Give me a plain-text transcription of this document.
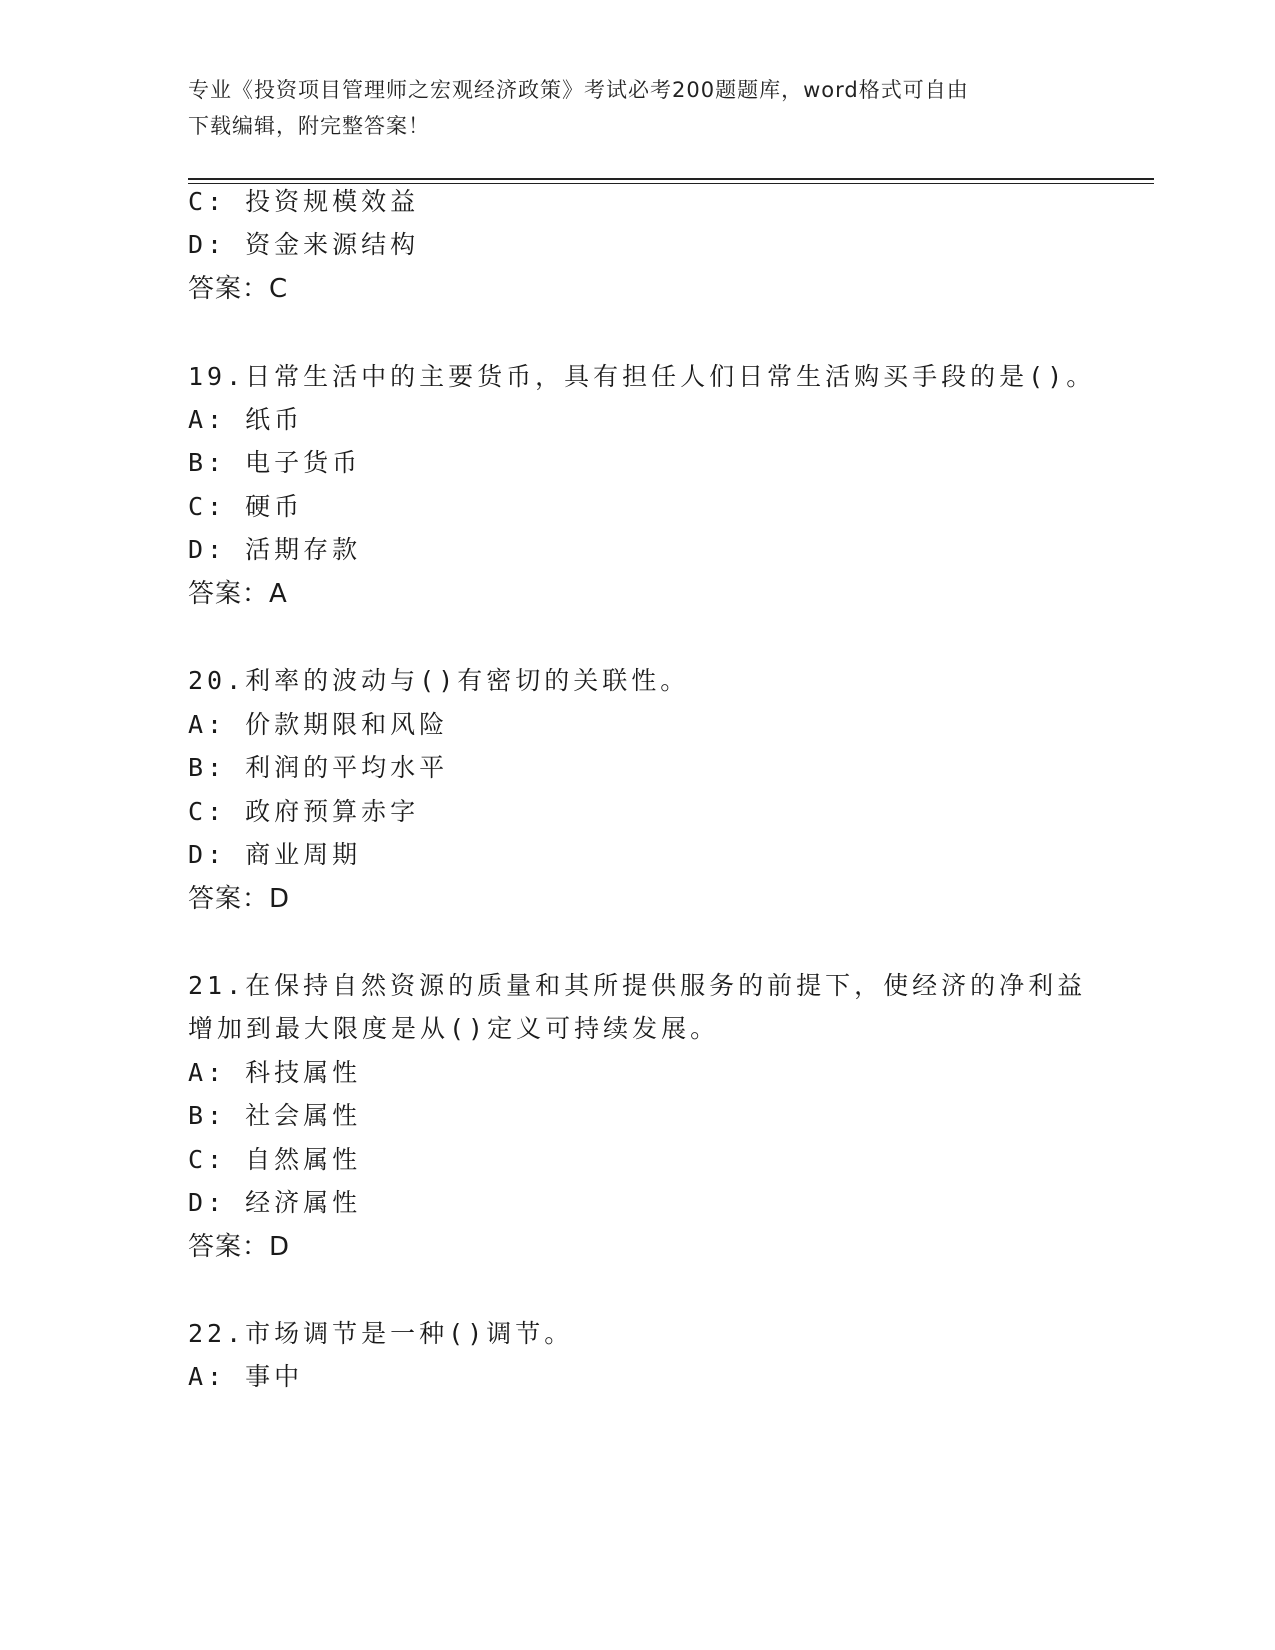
专业《投资项目管理师之宏观经济政策》考试必考200题题库，word格式可自由
下载编辑，附完整答案！
C: 投资规模效益
D: 资金来源结构
答案：C
19.日常生活中的主要货币，具有担任人们日常生活购买手段的是()。
A: 纸币
B: 电子货币
C: 硬币
D: 活期存款
答案：A
20.利率的波动与()有密切的关联性。
A: 价款期限和风险
B: 利润的平均水平
C: 政府预算赤字
D: 商业周期
答案：D
21.在保持自然资源的质量和其所提供服务的前提下，使经济的净利益
增加到最大限度是从()定义可持续发展。
A: 科技属性
B: 社会属性
C: 自然属性
D: 经济属性
答案：D
22.市场调节是一种()调节。
A: 事中
